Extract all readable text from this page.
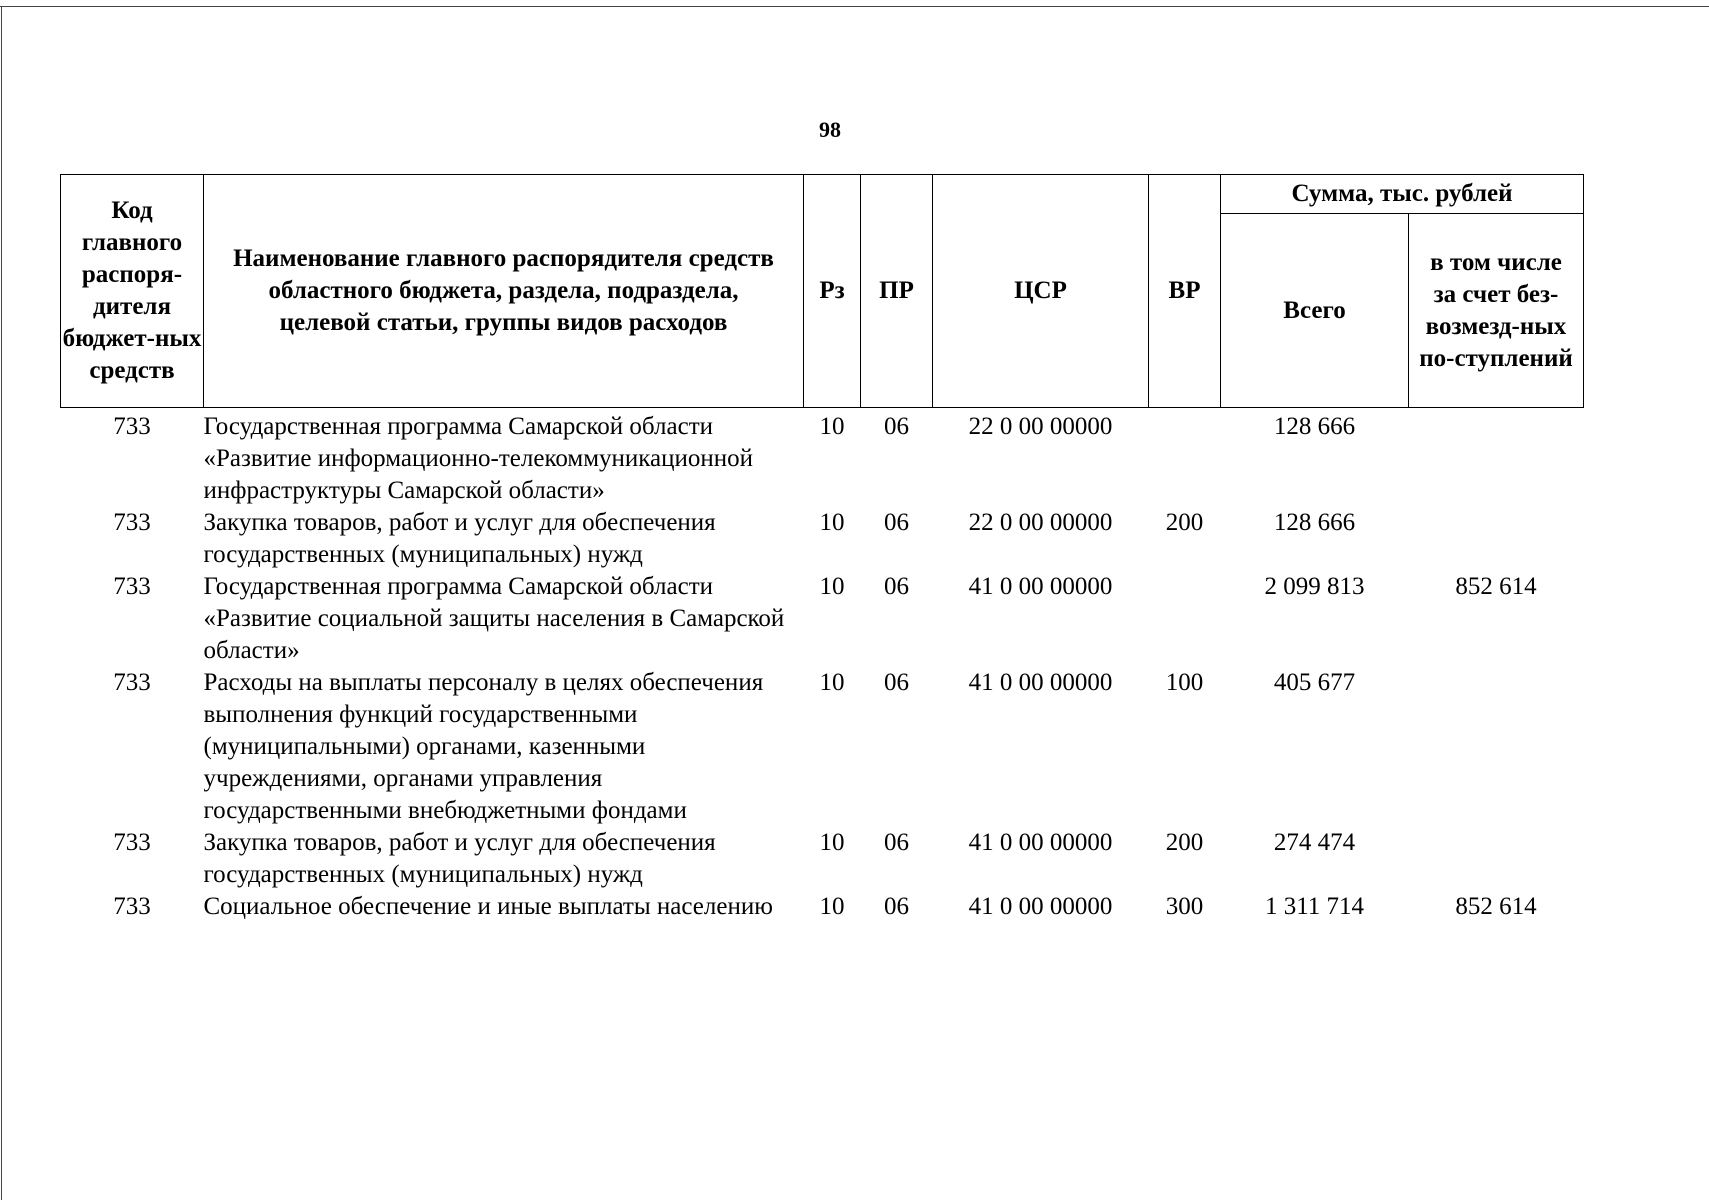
98
Код главного распоря-дителя бюджет-ных средств	Наименование главного распорядителя средств областного бюджета, раздела, подраздела, целевой статьи, группы видов расходов	Рз	ПР	ЦСР	ВР	Сумма, тыс. рублей	
						Всего	в том числе за счет без-возмезд-ных по-ступлений
733	Государственная программа Самарской области «Развитие информационно-телекоммуникационной инфраструктуры Самарской области»	10	06	22 0 00 00000		128 666	
733	Закупка товаров, работ и услуг для обеспечения государственных (муниципальных) нужд	10	06	22 0 00 00000	200	128 666	
733	Государственная программа Самарской области «Развитие социальной защиты населения в Самарской области»	10	06	41 0 00 00000		2 099 813	852 614
733	Расходы на выплаты персоналу в целях обеспечения выполнения функций государственными (муниципальными) органами, казенными учреждениями, органами управления государственными внебюджетными фондами	10	06	41 0 00 00000	100	405 677	
733	Закупка товаров, работ и услуг для обеспечения государственных (муниципальных) нужд	10	06	41 0 00 00000	200	274 474	
733	Социальное обеспечение и иные выплаты населению	10	06	41 0 00 00000	300	1 311 714	852 614
